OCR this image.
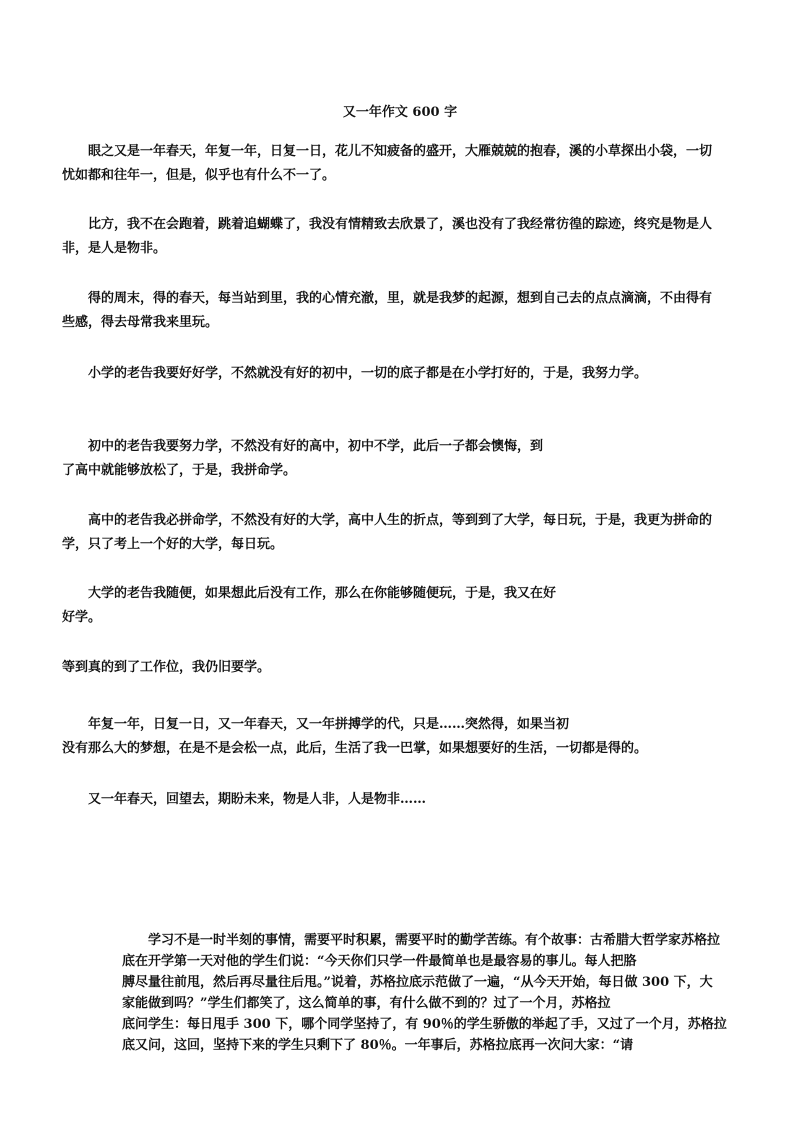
又一年作文 600 字

眼之又是一年春天，年复一年，日复一日，花儿不知疲备的盛开，大雁兢兢的抱春，溪的小草探出小袋，一切
忧如都和往年一，但是，似乎也有什么不一了。

比方，我不在会跑着，跳着追蝴蝶了，我没有情精致去欣景了，溪也没有了我经常彷徨的踪迹，终究是物是人
非，是人是物非。

得的周末，得的春天，每当站到里，我的心情充澈，里，就是我梦的起源，想到自己去的点点滴滴，不由得有
些感，得去母常我来里玩。

小学的老告我要好好学，不然就没有好的初中，一切的底子都是在小学打好的，于是，我努力学。

初中的老告我要努力学，不然没有好的高中，初中不学，此后一子都会懊悔，到
了高中就能够放松了，于是，我拼命学。

高中的老告我必拼命学，不然没有好的大学，高中人生的折点，等到到了大学，每日玩，于是，我更为拼命的
学，只了考上一个好的大学，每日玩。

大学的老告我随便，如果想此后没有工作，那么在你能够随便玩，于是，我又在好
好学。

等到真的到了工作位，我仍旧要学。

年复一年，日复一日，又一年春天，又一年拼搏学的代，只是……突然得，如果当初
没有那么大的梦想，在是不是会松一点，此后，生活了我一巴掌，如果想要好的生活，一切都是得的。

又一年春天，回望去，期盼未来，物是人非，人是物非……

学习不是一时半刻的事情，需要平时积累，需要平时的勤学苦练。有个故事：古希腊大哲学家苏格拉
底在开学第一天对他的学生们说：“今天你们只学一件最简单也是最容易的事儿。每人把胳
膊尽量往前甩，然后再尽量往后甩。”说着，苏格拉底示范做了一遍，“从今天开始，每日做 300 下，大
家能做到吗？”学生们都笑了，这么简单的事，有什么做不到的？过了一个月，苏格拉
底问学生：每日甩手 300 下，哪个同学坚持了，有 90％的学生骄傲的举起了手，又过了一个月，苏格拉
底又问，这回，坚持下来的学生只剩下了 80％。一年事后，苏格拉底再一次问大家：“请
